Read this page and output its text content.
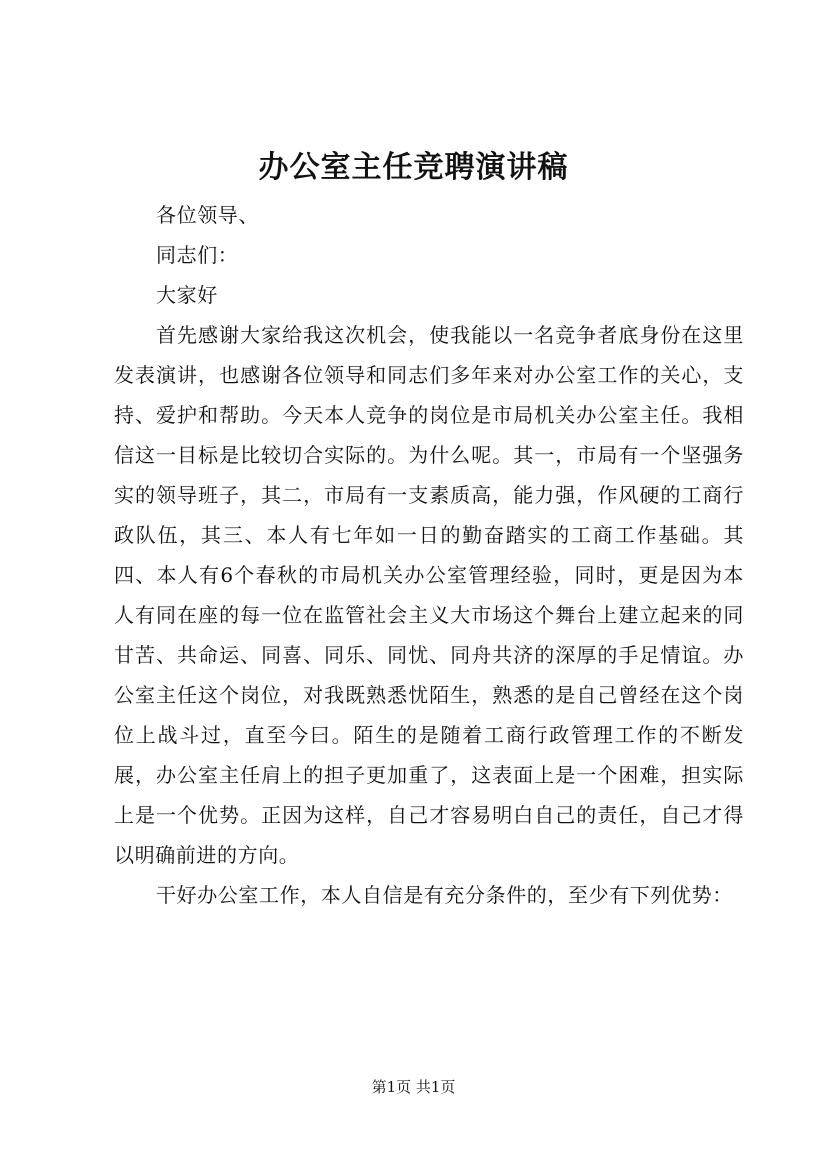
办公室主任竞聘演讲稿

各位领导、

同志们：

大家好

首先感谢大家给我这次机会，使我能以一名竞争者底身份在这里发表演讲，也感谢各位领导和同志们多年来对办公室工作的关心，支持、爱护和帮助。今天本人竞争的岗位是市局机关办公室主任。我相信这一目标是比较切合实际的。为什么呢。其一，市局有一个坚强务实的领导班子，其二，市局有一支素质高，能力强，作风硬的工商行政队伍，其三、本人有七年如一日的勤奋踏实的工商工作基础。其四、本人有6个春秋的市局机关办公室管理经验，同时，更是因为本人有同在座的每一位在监管社会主义大市场这个舞台上建立起来的同甘苦、共命运、同喜、同乐、同忧、同舟共济的深厚的手足情谊。办公室主任这个岗位，对我既熟悉忧陌生，熟悉的是自己曾经在这个岗位上战斗过，直至今曰。陌生的是随着工商行政管理工作的不断发展，办公室主任肩上的担子更加重了，这表面上是一个困难，担实际上是一个优势。正因为这样，自己才容易明白自己的责任，自己才得以明确前进的方向。

干好办公室工作，本人自信是有充分条件的，至少有下列优势：

第1页 共1页
